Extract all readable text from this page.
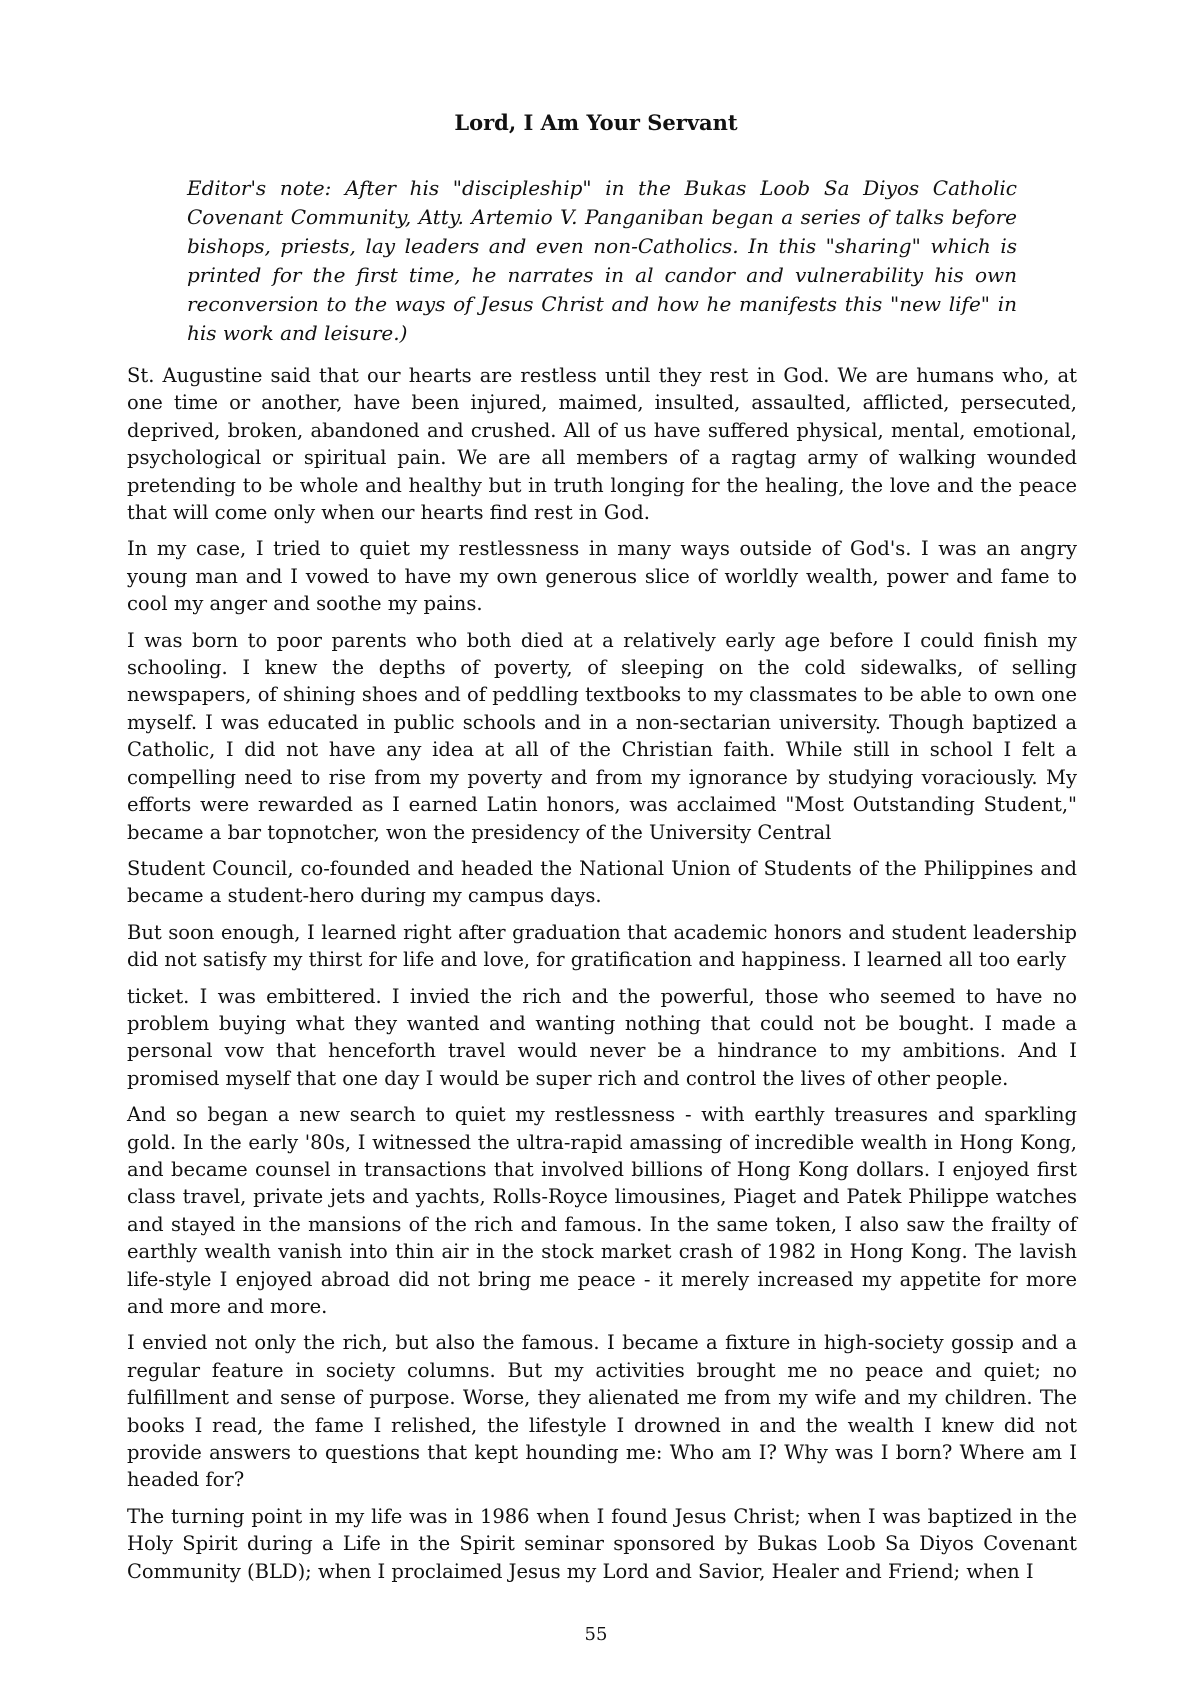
Lord, I Am Your Servant

Editor's note: After his "discipleship" in the Bukas Loob Sa Diyos Catholic Covenant Community, Atty. Artemio V. Panganiban began a series of talks before bishops, priests, lay leaders and even non-Catholics. In this "sharing" which is printed for the first time, he narrates in al candor and vulnerability his own reconversion to the ways of Jesus Christ and how he manifests this "new life" in his work and leisure.)

St. Augustine said that our hearts are restless until they rest in God. We are humans who, at one time or another, have been injured, maimed, insulted, assaulted, afflicted, persecuted, deprived, broken, abandoned and crushed. All of us have suffered physical, mental, emotional, psychological or spiritual pain. We are all members of a ragtag army of walking wounded pretending to be whole and healthy but in truth longing for the healing, the love and the peace that will come only when our hearts find rest in God.

In my case, I tried to quiet my restlessness in many ways outside of God's. I was an angry young man and I vowed to have my own generous slice of worldly wealth, power and fame to cool my anger and soothe my pains.

I was born to poor parents who both died at a relatively early age before I could finish my schooling. I knew the depths of poverty, of sleeping on the cold sidewalks, of selling newspapers, of shining shoes and of peddling textbooks to my classmates to be able to own one myself. I was educated in public schools and in a non-sectarian university. Though baptized a Catholic, I did not have any idea at all of the Christian faith. While still in school I felt a compelling need to rise from my poverty and from my ignorance by studying voraciously. My efforts were rewarded as I earned Latin honors, was acclaimed "Most Outstanding Student," became a bar topnotcher, won the presidency of the University Central

Student Council, co-founded and headed the National Union of Students of the Philippines and became a student-hero during my campus days.

But soon enough, I learned right after graduation that academic honors and student leadership did not satisfy my thirst for life and love, for gratification and happiness. I learned all too early

ticket. I was embittered. I invied the rich and the powerful, those who seemed to have no problem buying what they wanted and wanting nothing that could not be bought. I made a personal vow that henceforth travel would never be a hindrance to my ambitions. And I promised myself that one day I would be super rich and control the lives of other people.

And so began a new search to quiet my restlessness - with earthly treasures and sparkling gold. In the early '80s, I witnessed the ultra-rapid amassing of incredible wealth in Hong Kong, and became counsel in transactions that involved billions of Hong Kong dollars. I enjoyed first class travel, private jets and yachts, Rolls-Royce limousines, Piaget and Patek Philippe watches and stayed in the mansions of the rich and famous. In the same token, I also saw the frailty of earthly wealth vanish into thin air in the stock market crash of 1982 in Hong Kong. The lavish life-style I enjoyed abroad did not bring me peace - it merely increased my appetite for more and more and more.

I envied not only the rich, but also the famous. I became a fixture in high-society gossip and a regular feature in society columns. But my activities brought me no peace and quiet; no fulfillment and sense of purpose. Worse, they alienated me from my wife and my children. The books I read, the fame I relished, the lifestyle I drowned in and the wealth I knew did not provide answers to questions that kept hounding me: Who am I? Why was I born? Where am I headed for?

The turning point in my life was in 1986 when I found Jesus Christ; when I was baptized in the Holy Spirit during a Life in the Spirit seminar sponsored by Bukas Loob Sa Diyos Covenant Community (BLD); when I proclaimed Jesus my Lord and Savior, Healer and Friend; when I

55
